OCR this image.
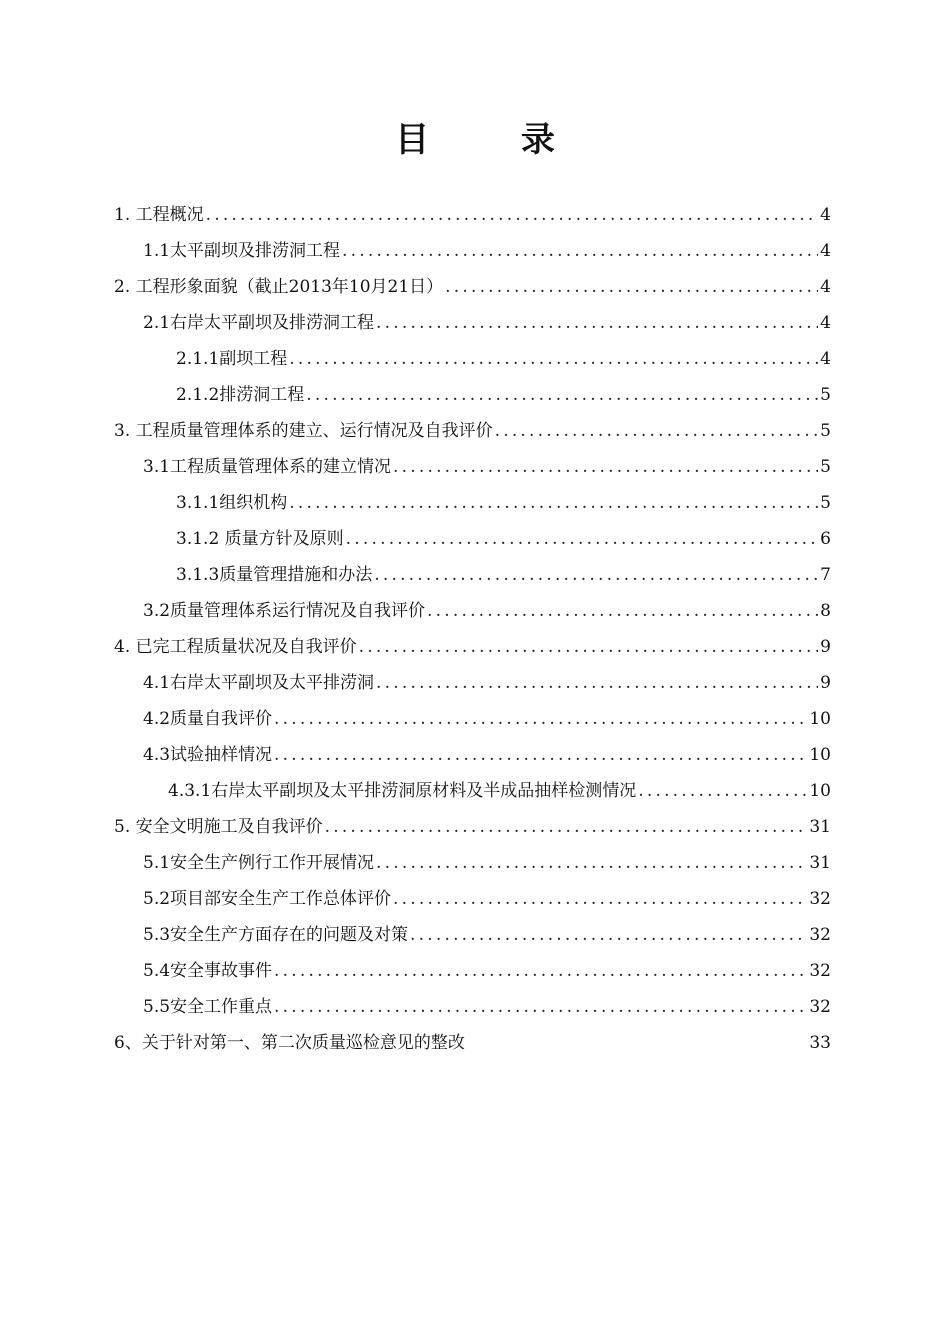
目 录
1. 工程概况 .....	4
1.1太平副坝及排涝洞工程 .....	4
2. 工程形象面貌（截止2013年10月21日） .....	4
2.1右岸太平副坝及排涝洞工程 .....	4
2.1.1副坝工程 .....	4
2.1.2排涝洞工程 .....	5
3. 工程质量管理体系的建立、运行情况及自我评价 .....	5
3.1工程质量管理体系的建立情况 .....	5
3.1.1组织机构 .....	5
3.1.2 质量方针及原则 .....	6
3.1.3质量管理措施和办法 .....	7
3.2质量管理体系运行情况及自我评价 .....	8
4. 已完工程质量状况及自我评价 .....	9
4.1右岸太平副坝及太平排涝洞 .....	9
4.2质量自我评价 .....	10
4.3试验抽样情况 .....	10
4.3.1右岸太平副坝及太平排涝洞原材料及半成品抽样检测情况 .....	10
5. 安全文明施工及自我评价 .....	31
5.1安全生产例行工作开展情况 .....	31
5.2项目部安全生产工作总体评价 .....	32
5.3安全生产方面存在的问题及对策 .....	32
5.4安全事故事件 .....	32
5.5安全工作重点 .....	32
6、关于针对第一、第二次质量巡检意见的整改	33
